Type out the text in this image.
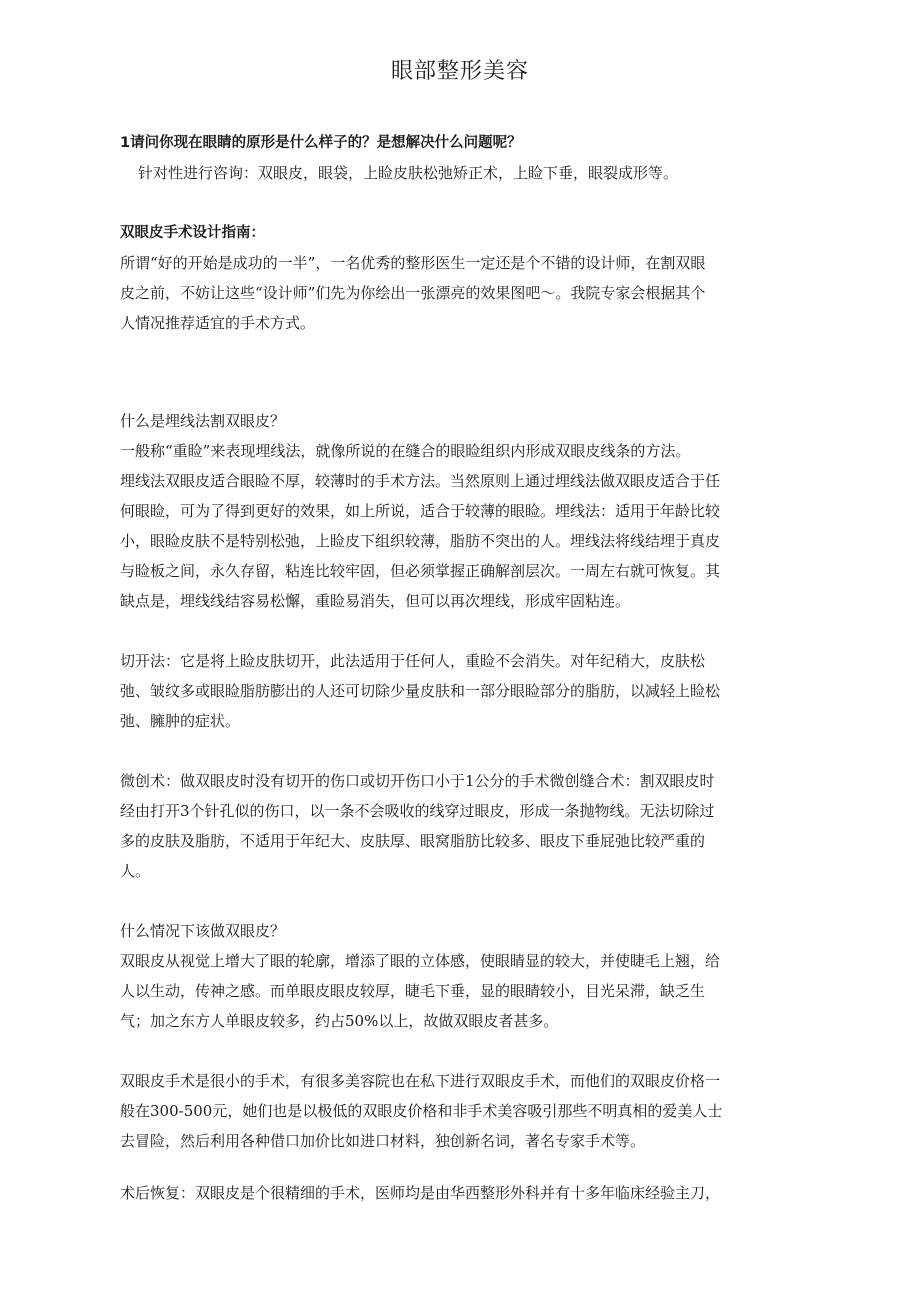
眼部整形美容

1请问你现在眼睛的原形是什么样子的？是想解决什么问题呢？

针对性进行咨询：双眼皮，眼袋，上睑皮肤松弛矫正术，上睑下垂，眼裂成形等。

双眼皮手术设计指南：

所谓“好的开始是成功的一半”，一名优秀的整形医生一定还是个不错的设计师，在割双眼

皮之前，不妨让这些“设计师”们先为你绘出一张漂亮的效果图吧～。我院专家会根据其个

人情况推荐适宜的手术方式。

什么是埋线法割双眼皮？

一般称“重睑”来表现埋线法，就像所说的在缝合的眼睑组织内形成双眼皮线条的方法。

埋线法双眼皮适合眼睑不厚，较薄时的手术方法。当然原则上通过埋线法做双眼皮适合于任

何眼睑，可为了得到更好的效果，如上所说，适合于较薄的眼睑。埋线法：适用于年龄比较

小，眼睑皮肤不是特别松弛，上睑皮下组织较薄，脂肪不突出的人。埋线法将线结埋于真皮

与睑板之间，永久存留，粘连比较牢固，但必须掌握正确解剖层次。一周左右就可恢复。其

缺点是，埋线线结容易松懈，重睑易消失，但可以再次埋线，形成牢固粘连。

切开法：它是将上睑皮肤切开，此法适用于任何人，重睑不会消失。对年纪稍大，皮肤松

弛、皱纹多或眼睑脂肪膨出的人还可切除少量皮肤和一部分眼睑部分的脂肪，以减轻上睑松

弛、臃肿的症状。

微创术：做双眼皮时没有切开的伤口或切开伤口小于1公分的手术微创缝合术：割双眼皮时

经由打开3个针孔似的伤口，以一条不会吸收的线穿过眼皮，形成一条抛物线。无法切除过

多的皮肤及脂肪，不适用于年纪大、皮肤厚、眼窝脂肪比较多、眼皮下垂屁弛比较严重的

人。

什么情况下该做双眼皮？

双眼皮从视觉上增大了眼的轮廓，增添了眼的立体感，使眼睛显的较大，并使睫毛上翘，给

人以生动，传神之感。而单眼皮眼皮较厚，睫毛下垂，显的眼睛较小，目光呆滞，缺乏生

气；加之东方人单眼皮较多，约占50%以上，故做双眼皮者甚多。

双眼皮手术是很小的手术，有很多美容院也在私下进行双眼皮手术，而他们的双眼皮价格一

般在300-500元，她们也是以极低的双眼皮价格和非手术美容吸引那些不明真相的爱美人士

去冒险，然后利用各种借口加价比如进口材料，独创新名词，著名专家手术等。

术后恢复：双眼皮是个很精细的手术，医师均是由华西整形外科并有十多年临床经验主刀，
